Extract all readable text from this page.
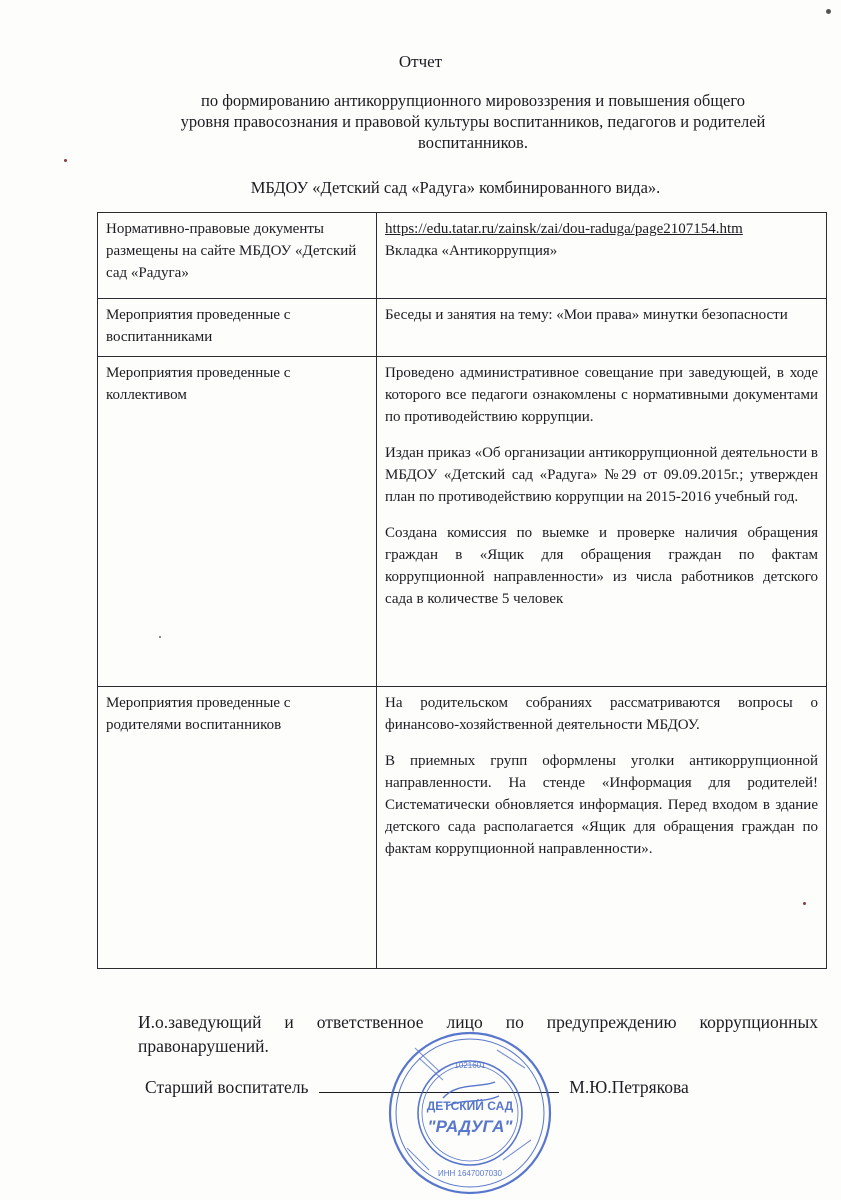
Отчет
по формированию антикоррупционного мировоззрения и повышения общего
уровня правосознания и правовой культуры воспитанников, педагогов и родителей
воспитанников.
МБДОУ «Детский сад «Радуга» комбинированного вида».
Нормативно-правовые документы размещены на сайте МБДОУ «Детский сад «Радуга»	https://edu.tatar.ru/zainsk/zai/dou-raduga/page2107154.htm
Вкладка «Антикоррупция»

Мероприятия проведенные с воспитанниками	Беседы и занятия на тему: «Мои права» минутки безопасности

Мероприятия проведенные с коллективом	Проведено административное совещание при заведующей, в ходе которого все педагоги ознакомлены с нормативными документами по противодействию коррупции.

Издан приказ «Об организации антикоррупционной деятельности в МБДОУ «Детский сад «Радуга» №29 от 09.09.2015г.; утвержден план по противодействию коррупции на 2015-2016 учебный год.

Создана комиссия по выемке и проверке наличия обращения граждан в «Ящик для обращения граждан по фактам коррупционной направленности» из числа работников детского сада в количестве 5 человек

Мероприятия проведенные с родителями воспитанников	На родительском собраниях рассматриваются вопросы о финансово-хозяйственной деятельности МБДОУ.

В приемных групп оформлены уголки антикоррупционной направленности. На стенде «Информация для родителей! Систематически обновляется информация. Перед входом в здание детского сада располагается «Ящик для обращения граждан по фактам коррупционной направленности».

И.о.заведующий и ответственное лицо по предупреждению коррупционных правонарушений.
Старший воспитатель	М.Ю.Петрякова
ДЕТСКИЙ САД
"РАДУГА"
ИНН 1647007030
1021601
